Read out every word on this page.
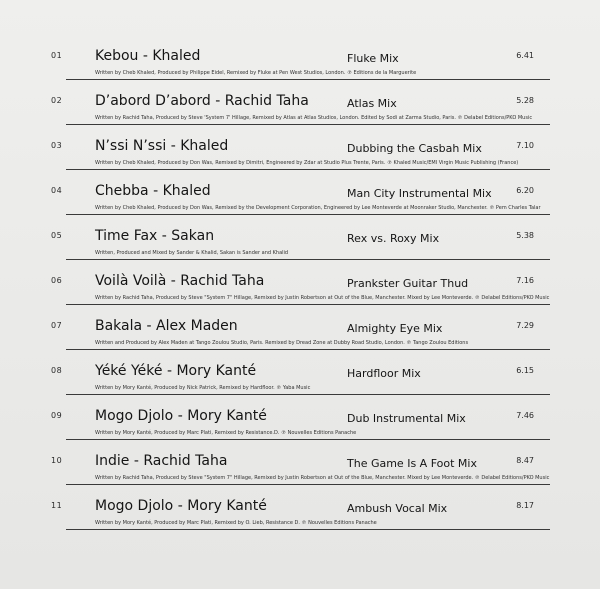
01 Kebou - Khaled	Fluke Mix	6.41
Written by Cheb Khaled, Produced by Philippe Eidel, Remixed by Fluke at Pen West Studios, London. ℗ Editions de la Marguerite
02 D’abord D’abord - Rachid Taha	Atlas Mix	5.28
Written by Rachid Taha, Produced by Steve 'System 7' Hillage, Remixed by Atlas at Atlas Studios, London. Edited by Sodi at Zarma Studio, Paris. ℗ Delabel Editions/PKO Music
03 N’ssi N’ssi - Khaled	Dubbing the Casbah Mix	7.10
Written by Cheb Khaled, Produced by Don Was, Remixed by Dimitri, Engineered by Zdar at Studio Plus Trente, Paris. ℗ Khaled Music/EMI Virgin Music Publishing (France)
04 Chebba - Khaled	Man City Instrumental Mix	6.20
Written by Cheb Khaled, Produced by Don Was, Remixed by the Development Corporation, Engineered by Lee Monteverde at Moonraker Studio, Manchester. ℗ Pem Charles Talar
05 Time Fax - Sakan	Rex vs. Roxy Mix	5.38
Written, Produced and Mixed by Sander & Khalid, Sakan is Sander and Khalid
06 Voilà Voilà - Rachid Taha	Prankster Guitar Thud	7.16
Written by Rachid Taha, Produced by Steve "System 7" Hillage, Remixed by Justin Robertson at Out of the Blue, Manchester. Mixed by Lee Monteverde. ℗ Delabel Editions/PKO Music
07 Bakala - Alex Maden	Almighty Eye Mix	7.29
Written and Produced by Alex Maden at Tango Zoulou Studio, Paris. Remixed by Dread Zone at Dubby Road Studio, London. ℗ Tango Zoulou Editions
08 Yéké Yéké - Mory Kanté	Hardfloor Mix	6.15
Written by Mory Kanté, Produced by Nick Patrick, Remixed by Hardfloor. ℗ Yaba Music
09 Mogo Djolo - Mory Kanté	Dub Instrumental Mix	7.46
Written by Mory Kanté, Produced by Marc Plati, Remixed by Resistance.D. ℗ Nouvelles Editions Panache
10 Indie - Rachid Taha	The Game Is A Foot Mix	8.47
Written by Rachid Taha, Produced by Steve "System 7" Hillage, Remixed by Justin Robertson at Out of the Blue, Manchester. Mixed by Lee Monteverde. ℗ Delabel Editions/PKO Music
11 Mogo Djolo - Mory Kanté	Ambush Vocal Mix	8.17
Written by Mory Kanté, Produced by Marc Plati, Remixed by O. Lieb, Resistance D. ℗ Nouvelles Editions Panache
